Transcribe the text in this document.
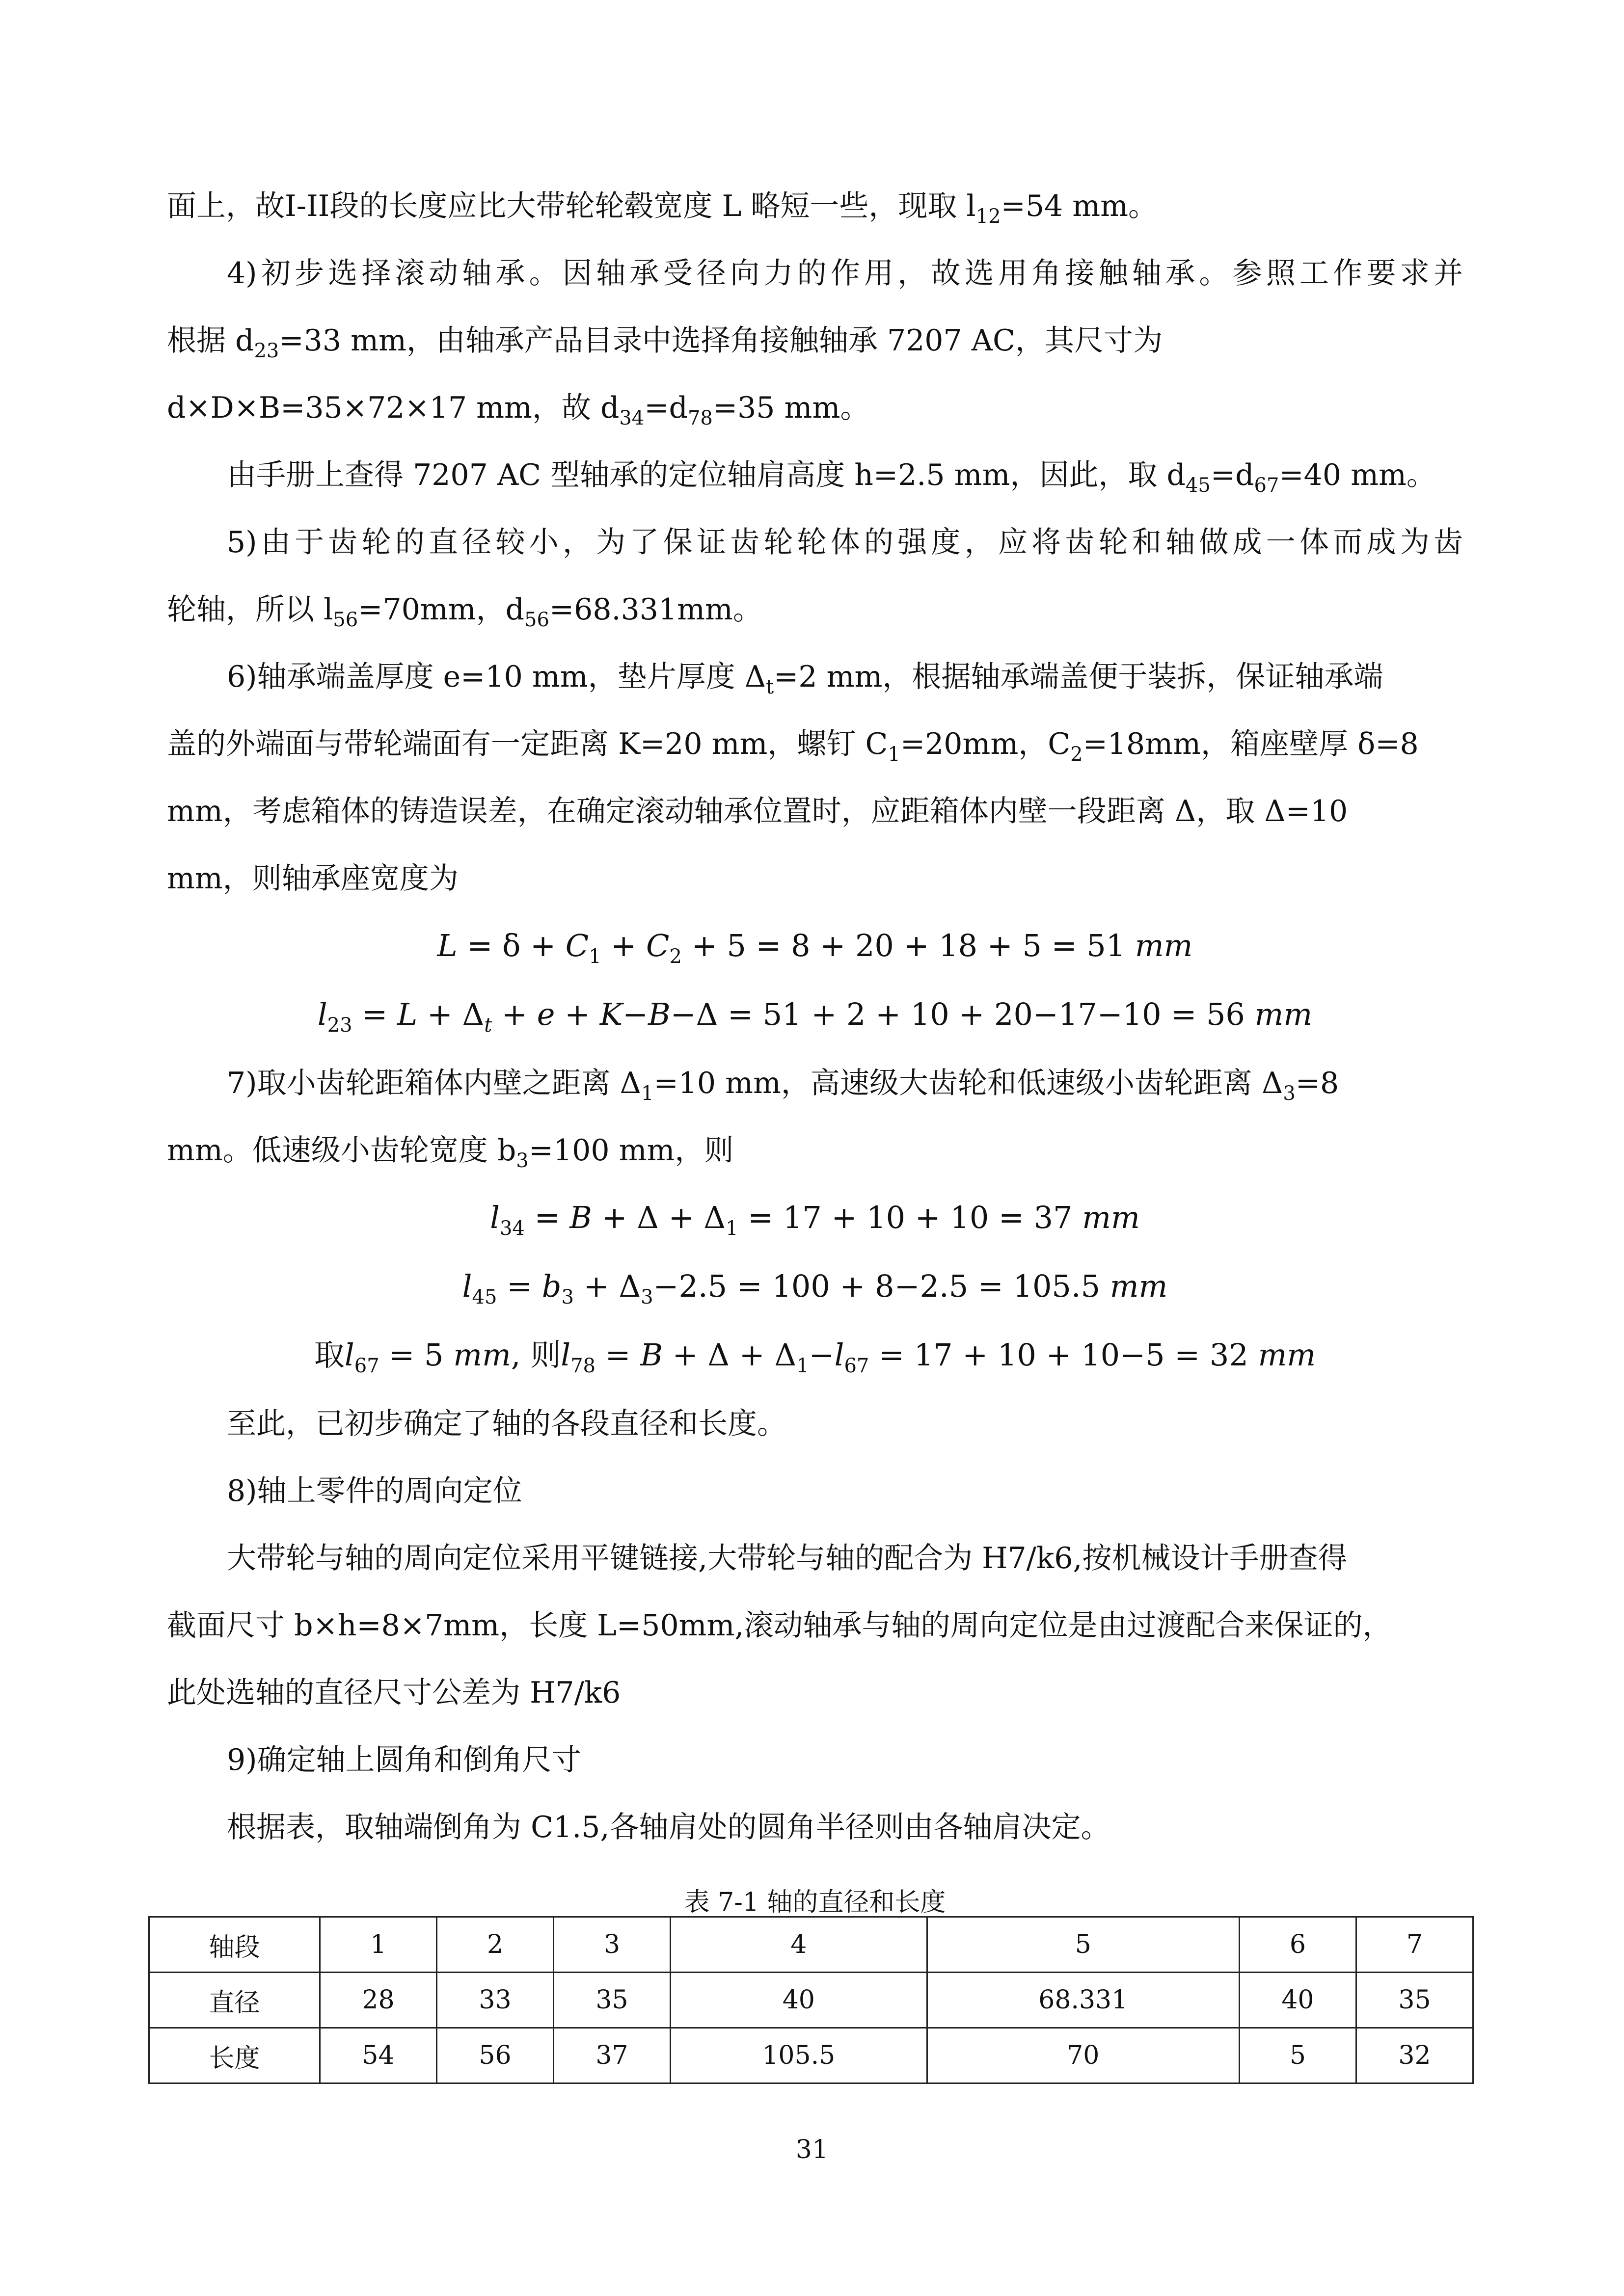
面上，故I-II段的长度应比大带轮轮毂宽度 L 略短一些，现取 $l_{12}=54$ mm。
4)初步选择滚动轴承。因轴承受径向力的作用，故选用角接触轴承。参照工作要求并
根据 $d_{23}=33$ mm，由轴承产品目录中选择角接触轴承 7207 AC，其尺寸为
d×D×B=35×72×17 mm，故 $d_{34}=d_{78}=35$ mm。
由手册上查得 7207 AC 型轴承的定位轴肩高度 h=2.5 mm，因此，取 $d_{45}=d_{67}=40$ mm。
5)由于齿轮的直径较小，为了保证齿轮轮体的强度，应将齿轮和轴做成一体而成为齿
轮轴，所以 $l_{56}=70mm$，$d_{56}=68.331mm$。
6)轴承端盖厚度 e=10 mm，垫片厚度 $\Delta_t=2$ mm，根据轴承端盖便于装拆，保证轴承端
盖的外端面与带轮端面有一定距离 K=20 mm，螺钉 $C_1=20mm$，$C_2=18mm$，箱座壁厚 δ=8
mm，考虑箱体的铸造误差，在确定滚动轴承位置时，应距箱体内壁一段距离 Δ，取 Δ=10
mm，则轴承座宽度为
$L = \delta + C_1 + C_2 + 5 = 8 + 20 + 18 + 5 = 51$ mm
$l_{23} = L + \Delta_t + e + K-B-\Delta = 51 + 2 + 10 + 20-17-10 = 56$ mm
7)取小齿轮距箱体内壁之距离 $\Delta_1=10$ mm，高速级大齿轮和低速级小齿轮距离 $\Delta_3=8$
mm。低速级小齿轮宽度 $b_3=100$ mm，则
$l_{34} = B + \Delta + \Delta_1 = 17 + 10 + 10 = 37$ mm
$l_{45} = b_3 + \Delta_3-2.5 = 100 + 8-2.5 = 105.5$ mm
取$l_{67} = 5$ mm, 则$l_{78} = B + \Delta + \Delta_1-l_{67} = 17 + 10 + 10-5 = 32$ mm
至此，已初步确定了轴的各段直径和长度。
8)轴上零件的周向定位
大带轮与轴的周向定位采用平键链接,大带轮与轴的配合为 H7/k6,按机械设计手册查得
截面尺寸 b×h=8×7mm，长度 L=50mm,滚动轴承与轴的周向定位是由过渡配合来保证的，
此处选轴的直径尺寸公差为 H7/k6
9)确定轴上圆角和倒角尺寸
根据表，取轴端倒角为 C1.5,各轴肩处的圆角半径则由各轴肩决定。
表 7-1 轴的直径和长度
轴段	1	2	3	4	5	6	7
直径	28	33	35	40	68.331	40	35
长度	54	56	37	105.5	70	5	32
31
